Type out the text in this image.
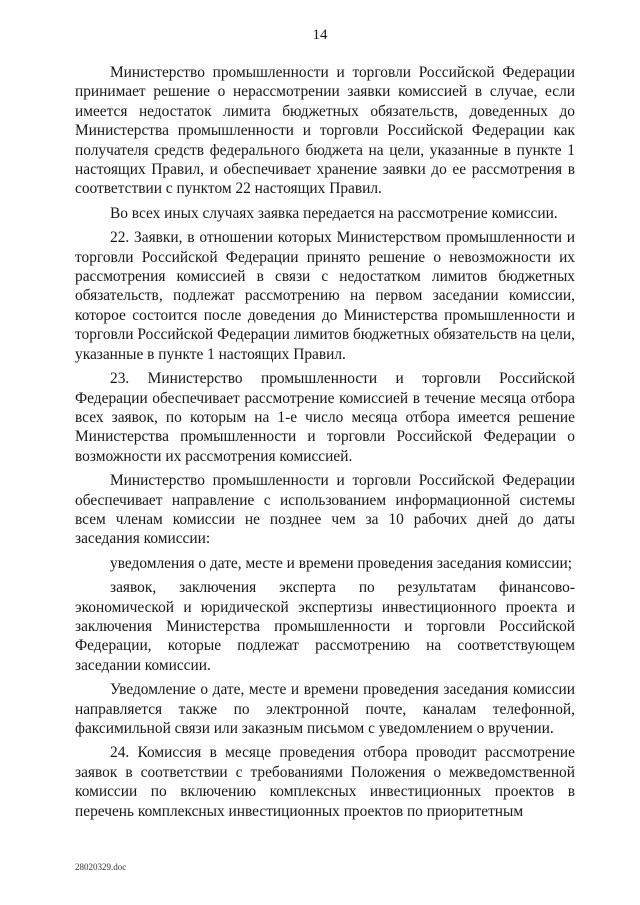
14

Министерство промышленности и торговли Российской Федерации принимает решение о нерассмотрении заявки комиссией в случае, если имеется недостаток лимита бюджетных обязательств, доведенных до Министерства промышленности и торговли Российской Федерации как получателя средств федерального бюджета на цели, указанные в пункте 1 настоящих Правил, и обеспечивает хранение заявки до ее рассмотрения в соответствии с пунктом 22 настоящих Правил.

Во всех иных случаях заявка передается на рассмотрение комиссии.

22. Заявки, в отношении которых Министерством промышленности и торговли Российской Федерации принято решение о невозможности их рассмотрения комиссией в связи с недостатком лимитов бюджетных обязательств, подлежат рассмотрению на первом заседании комиссии, которое состоится после доведения до Министерства промышленности и торговли Российской Федерации лимитов бюджетных обязательств на цели, указанные в пункте 1 настоящих Правил.

23. Министерство промышленности и торговли Российской Федерации обеспечивает рассмотрение комиссией в течение месяца отбора всех заявок, по которым на 1-е число месяца отбора имеется решение Министерства промышленности и торговли Российской Федерации о возможности их рассмотрения комиссией.

Министерство промышленности и торговли Российской Федерации обеспечивает направление с использованием информационной системы всем членам комиссии не позднее чем за 10 рабочих дней до даты заседания комиссии:

уведомления о дате, месте и времени проведения заседания комиссии;

заявок, заключения эксперта по результатам финансово-экономической и юридической экспертизы инвестиционного проекта и заключения Министерства промышленности и торговли Российской Федерации, которые подлежат рассмотрению на соответствующем заседании комиссии.

Уведомление о дате, месте и времени проведения заседания комиссии направляется также по электронной почте, каналам телефонной, факсимильной связи или заказным письмом с уведомлением о вручении.

24. Комиссия в месяце проведения отбора проводит рассмотрение заявок в соответствии с требованиями Положения о межведомственной комиссии по включению комплексных инвестиционных проектов в перечень комплексных инвестиционных проектов по приоритетным

28020329.doc
